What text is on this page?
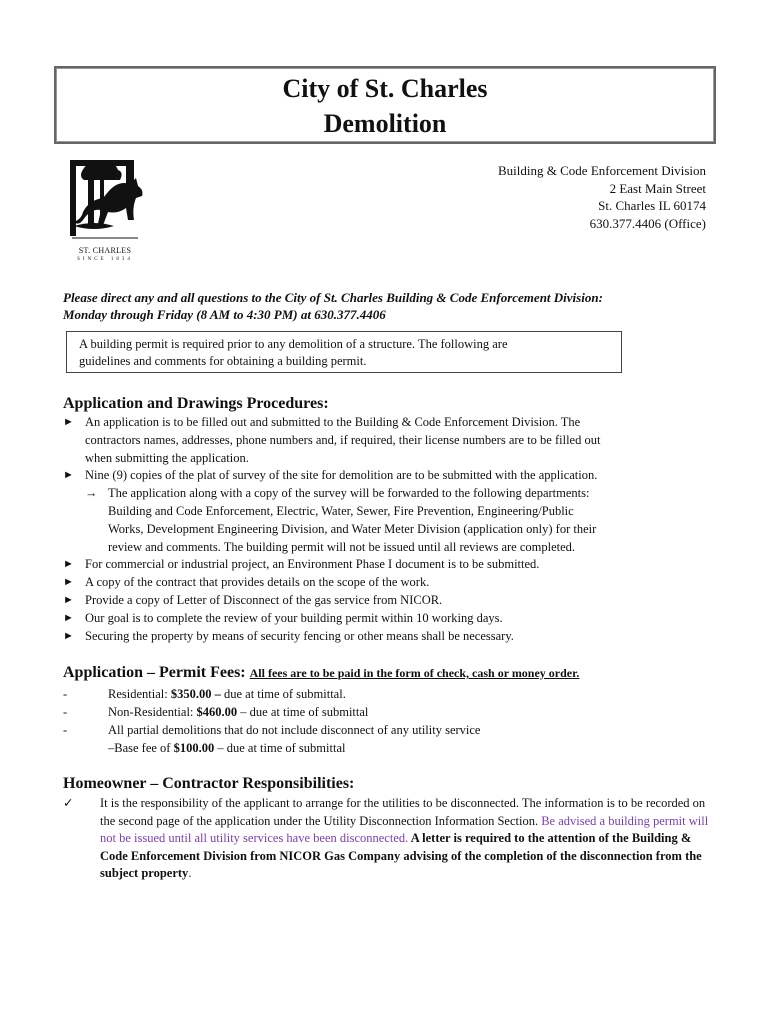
City of St. Charles
Demolition
ST. CHARLES
SINCE 1834
Building & Code Enforcement Division
2 East Main Street
St. Charles IL 60174
630.377.4406 (Office)
Please direct any and all questions to the City of St. Charles Building & Code Enforcement Division:
Monday through Friday (8 AM to 4:30 PM) at 630.377.4406
A building permit is required prior to any demolition of a structure. The following are
guidelines and comments for obtaining a building permit.
Application and Drawings Procedures:
► An application is to be filled out and submitted to the Building & Code Enforcement Division. The
contractors names, addresses, phone numbers and, if required, their license numbers are to be filled out
when submitting the application.
► Nine (9) copies of the plat of survey of the site for demolition are to be submitted with the application.
→ The application along with a copy of the survey will be forwarded to the following departments:
Building and Code Enforcement, Electric, Water, Sewer, Fire Prevention, Engineering/Public
Works, Development Engineering Division, and Water Meter Division (application only) for their
review and comments. The building permit will not be issued until all reviews are completed.
► For commercial or industrial project, an Environment Phase I document is to be submitted.
► A copy of the contract that provides details on the scope of the work.
► Provide a copy of Letter of Disconnect of the gas service from NICOR.
► Our goal is to complete the review of your building permit within 10 working days.
► Securing the property by means of security fencing or other means shall be necessary.
Application – Permit Fees: All fees are to be paid in the form of check, cash or money order.
-	Residential: $350.00 – due at time of submittal.

-	Non-Residential: $460.00 – due at time of submittal

-	All partial demolitions that do not include disconnect of any utility service

–Base fee of $100.00 – due at time of submittal

Homeowner – Contractor Responsibilities:
✓	It is the responsibility of the applicant to arrange for the utilities to be disconnected. The information is to be recorded on the second page of the application under the Utility Disconnection Information Section. Be advised a building permit will not be issued until all utility services have been disconnected. A letter is required to the attention of the Building & Code Enforcement Division from NICOR Gas Company advising of the completion of the disconnection from the subject property.
